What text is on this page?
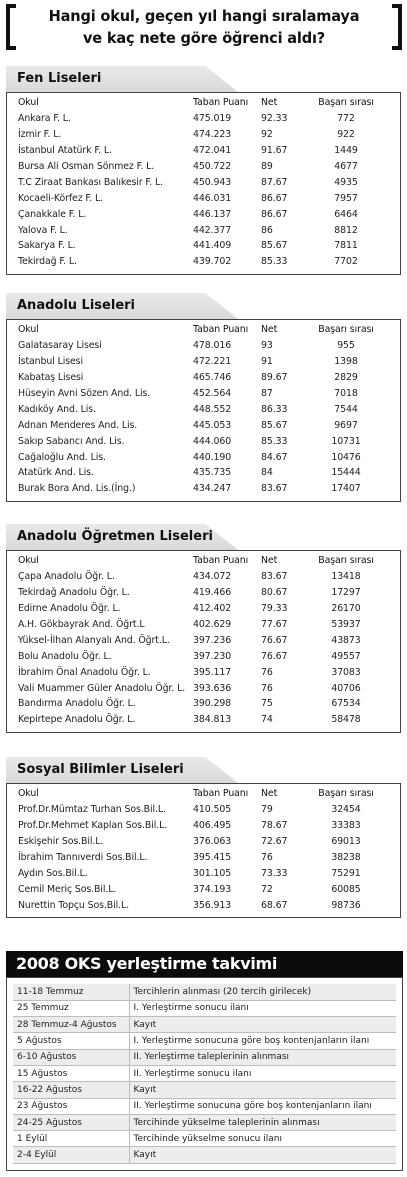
Hangi okul, geçen yıl hangi sıralamaya
ve kaç nete göre öğrenci aldı?
Fen Liseleri
Okul	Taban Puanı	Net	Başarı sırası
Ankara F. L.	475.019	92.33	772
İzmir F. L.	474.223	92	922
İstanbul Atatürk F. L.	472.041	91.67	1449
Bursa Ali Osman Sönmez F. L.	450.722	89	4677
T.C Ziraat Bankası Balıkesir F. L.	450.943	87.67	4935
Kocaeli-Körfez F. L.	446.031	86.67	7957
Çanakkale F. L.	446.137	86.67	6464
Yalova F. L.	442.377	86	8812
Sakarya F. L.	441.409	85.67	7811
Tekirdağ F. L.	439.702	85.33	7702
Anadolu Liseleri
Okul	Taban Puanı	Net	Başarı sırası
Galatasaray Lisesi	478.016	93	955
İstanbul Lisesi	472.221	91	1398
Kabataş Lisesi	465.746	89.67	2829
Hüseyin Avni Sözen And. Lis.	452.564	87	7018
Kadıköy And. Lis.	448.552	86.33	7544
Adnan Menderes And. Lis.	445.053	85.67	9697
Sakıp Sabancı And. Lis.	444.060	85.33	10731
Cağaloğlu And. Lis.	440.190	84.67	10476
Atatürk And. Lis.	435.735	84	15444
Burak Bora And. Lis.(İng.)	434.247	83.67	17407
Anadolu Öğretmen Liseleri
Okul	Taban Puanı	Net	Başarı sırası
Çapa Anadolu Öğr. L.	434.072	83.67	13418
Tekirdağ Anadolu Öğr. L.	419.466	80.67	17297
Edirne Anadolu Öğr. L.	412.402	79.33	26170
A.H. Gökbayrak And. Öğrt.L	402.629	77.67	53937
Yüksel-İlhan Alanyalı And. Öğrt.L.	397.236	76.67	43873
Bolu Anadolu Öğr. L.	397.230	76.67	49557
İbrahim Önal Anadolu Öğr. L.	395.117	76	37083
Vali Muammer Güler Anadolu Öğr. L.	393.636	76	40706
Bandırma Anadolu Öğr. L.	390.298	75	67534
Kepirtepe Anadolu Öğr. L.	384.813	74	58478
Sosyal Bilimler Liseleri
Okul	Taban Puanı	Net	Başarı sırası
Prof.Dr.Mümtaz Turhan Sos.Bil.L.	410.505	79	32454
Prof.Dr.Mehmet Kaplan Sos.Bil.L.	406.495	78.67	33383
Eskişehir Sos.Bil.L.	376.063	72.67	69013
İbrahim Tannıverdi Sos.Bil.L.	395.415	76	38238
Aydın Sos.Bil.L.	301.105	73.33	75291
Cemil Meriç Sos.Bil.L.	374.193	72	60085
Nurettin Topçu Sos.Bil.L.	356.913	68.67	98736
2008 OKS yerleştirme takvimi
11-18 Temmuz	Tercihlerin alınması (20 tercih girilecek)
25 Temmuz	I. Yerleştirme sonucu ilanı
28 Temmuz-4 Ağustos	Kayıt
5 Ağustos	I. Yerleştirme sonucuna göre boş kontenjanların ilanı
6-10 Ağustos	II. Yerleştirme taleplerinin alınması
15 Ağustos	II. Yerleştirme sonucu ilanı
16-22 Ağustos	Kayıt
23 Ağustos	II. Yerleştirme sonucuna göre boş kontenjanların ilanı
24-25 Ağustos	Tercihinde yükselme taleplerinin alınması
1 Eylül	Tercihinde yükselme sonucu ilanı
2-4 Eylül	Kayıt
